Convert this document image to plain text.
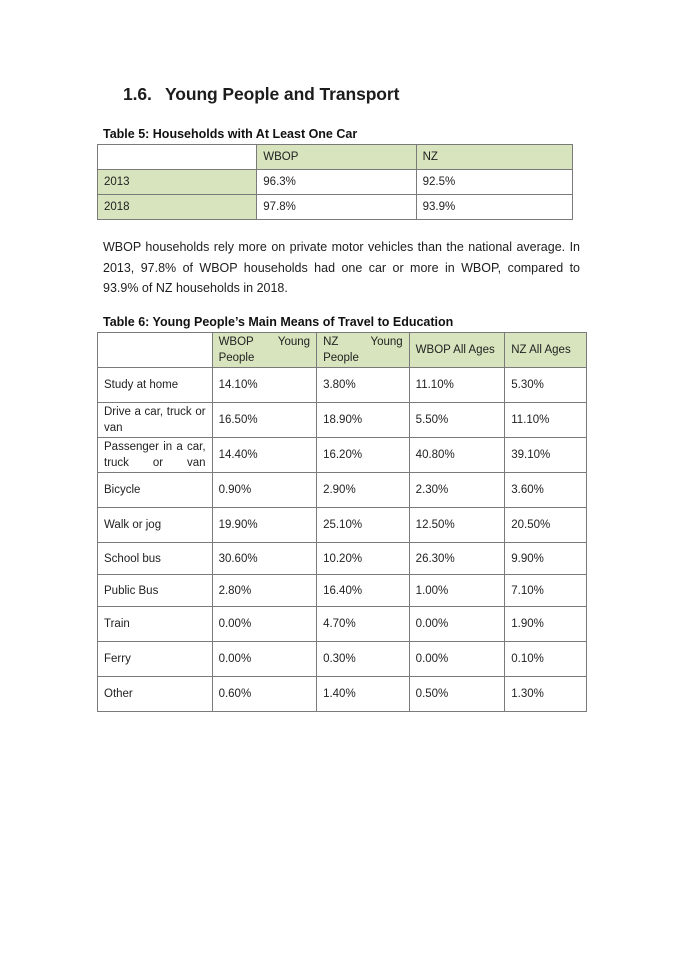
1.6. Young People and Transport

Table 5: Households with At Least One Car

	WBOP	NZ
2013	96.3%	92.5%
2018	97.8%	93.9%

WBOP households rely more on private motor vehicles than the national average. In 2013, 97.8% of WBOP households had one car or more in WBOP, compared to 93.9% of NZ households in 2018.

Table 6: Young People’s Main Means of Travel to Education

	WBOP Young People	NZ Young People	WBOP All Ages	NZ All Ages
Study at home	14.10%	3.80%	11.10%	5.30%
Drive a car, truck or van	16.50%	18.90%	5.50%	11.10%
Passenger in a car, truck or van	14.40%	16.20%	40.80%	39.10%
Bicycle	0.90%	2.90%	2.30%	3.60%
Walk or jog	19.90%	25.10%	12.50%	20.50%
School bus	30.60%	10.20%	26.30%	9.90%
Public Bus	2.80%	16.40%	1.00%	7.10%
Train	0.00%	4.70%	0.00%	1.90%
Ferry	0.00%	0.30%	0.00%	0.10%
Other	0.60%	1.40%	0.50%	1.30%
